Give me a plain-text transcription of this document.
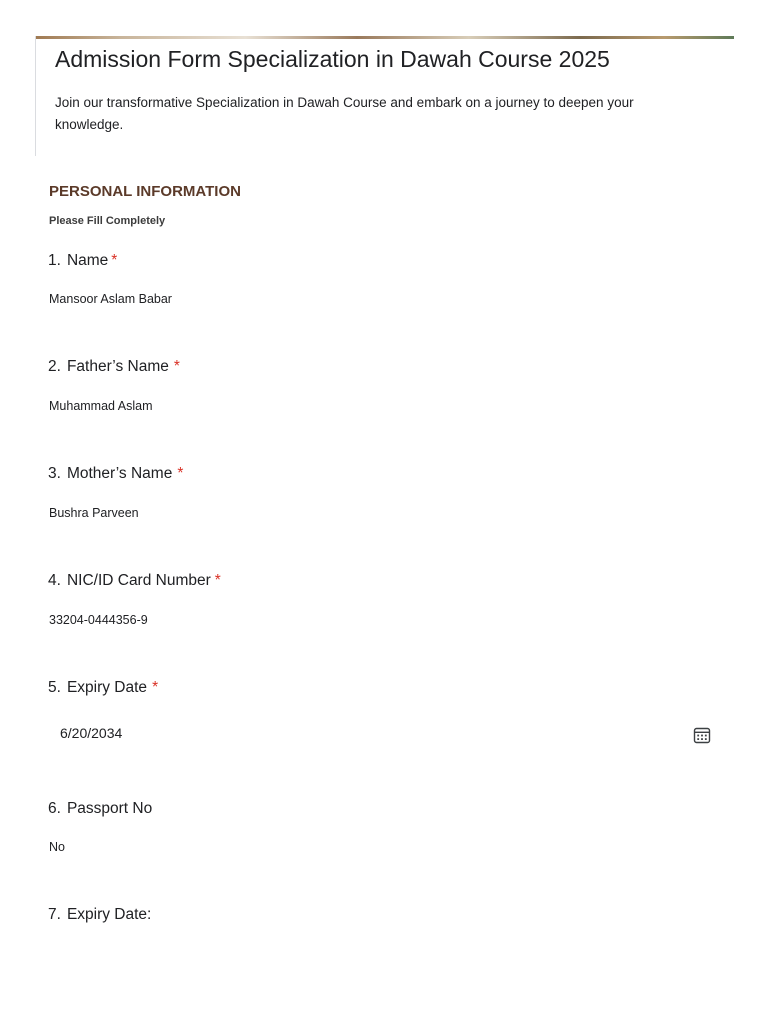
Admission Form Specialization in Dawah Course 2025
Join our transformative Specialization in Dawah Course and embark on a journey to deepen your knowledge.
PERSONAL INFORMATION
Please Fill Completely
1. Name *
Mansoor Aslam Babar
2. Father’s Name *
Muhammad Aslam
3. Mother’s Name *
Bushra Parveen
4. NIC/ID Card Number *
33204-0444356-9
5. Expiry Date *
6/20/2034
6. Passport No
No
7. Expiry Date:
